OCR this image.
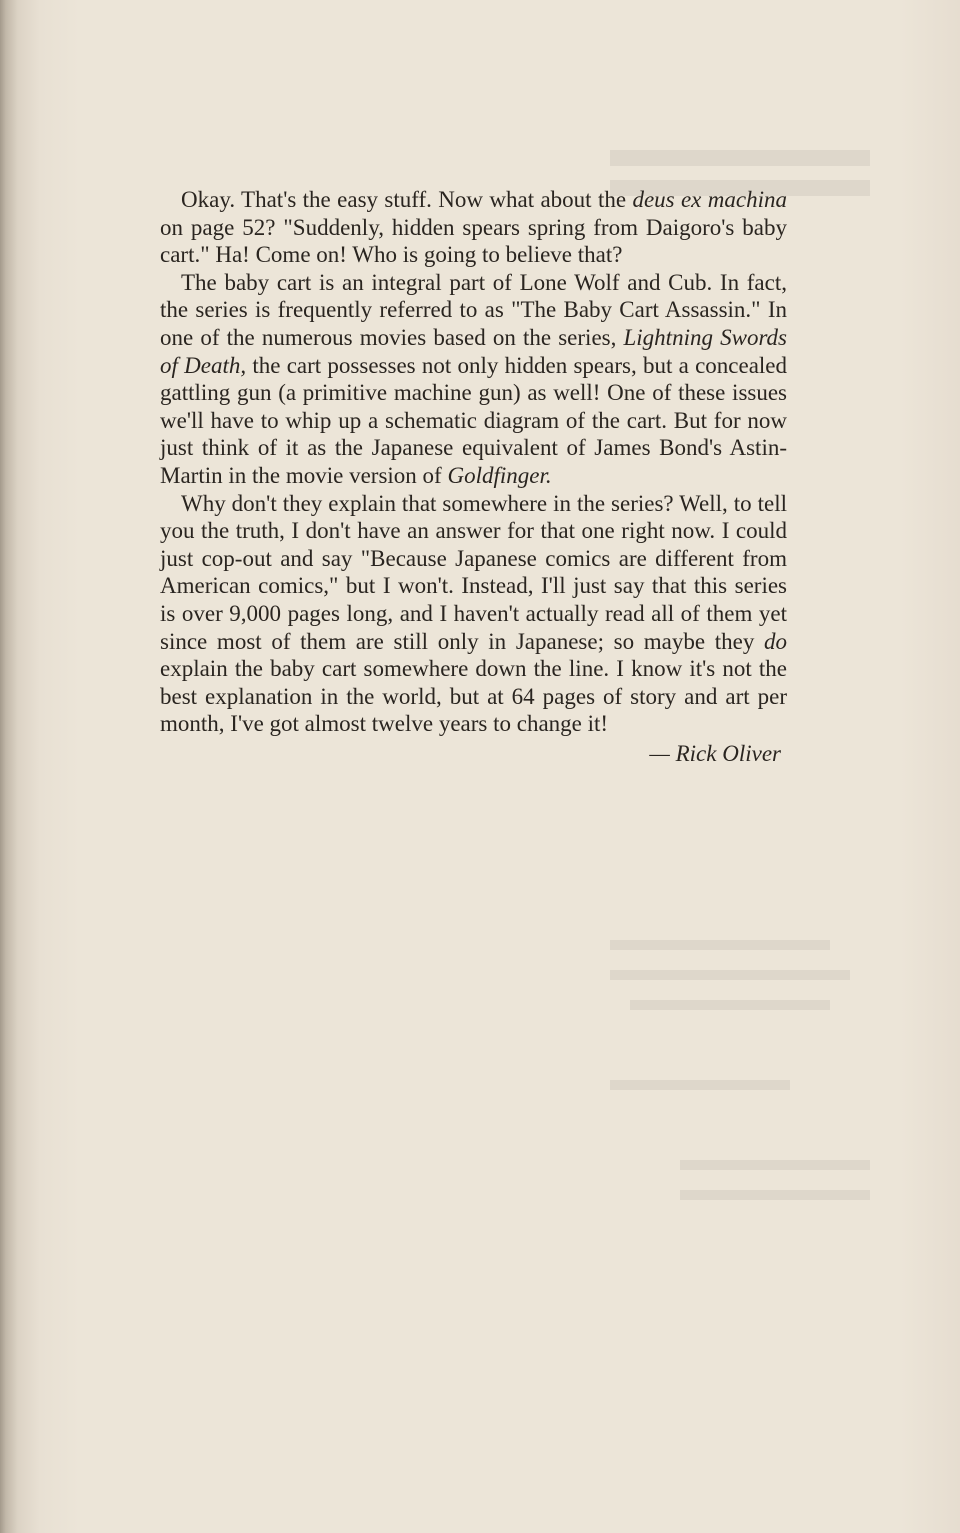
Okay. That's the easy stuff. Now what about the deus ex machina on page 52? "Suddenly, hidden spears spring from Daigoro's baby cart." Ha! Come on! Who is going to believe that?

The baby cart is an integral part of Lone Wolf and Cub. In fact, the series is frequently referred to as "The Baby Cart Assassin." In one of the numerous movies based on the series, Lightning Swords of Death, the cart possesses not only hidden spears, but a concealed gattling gun (a primitive machine gun) as well! One of these issues we'll have to whip up a schematic diagram of the cart. But for now just think of it as the Japanese equivalent of James Bond's Astin-Martin in the movie version of Goldfinger.

Why don't they explain that somewhere in the series? Well, to tell you the truth, I don't have an answer for that one right now. I could just cop-out and say "Because Japanese comics are different from American comics," but I won't. Instead, I'll just say that this series is over 9,000 pages long, and I haven't actually read all of them yet since most of them are still only in Japanese; so maybe they do explain the baby cart somewhere down the line. I know it's not the best explanation in the world, but at 64 pages of story and art per month, I've got almost twelve years to change it!

— Rick Oliver
